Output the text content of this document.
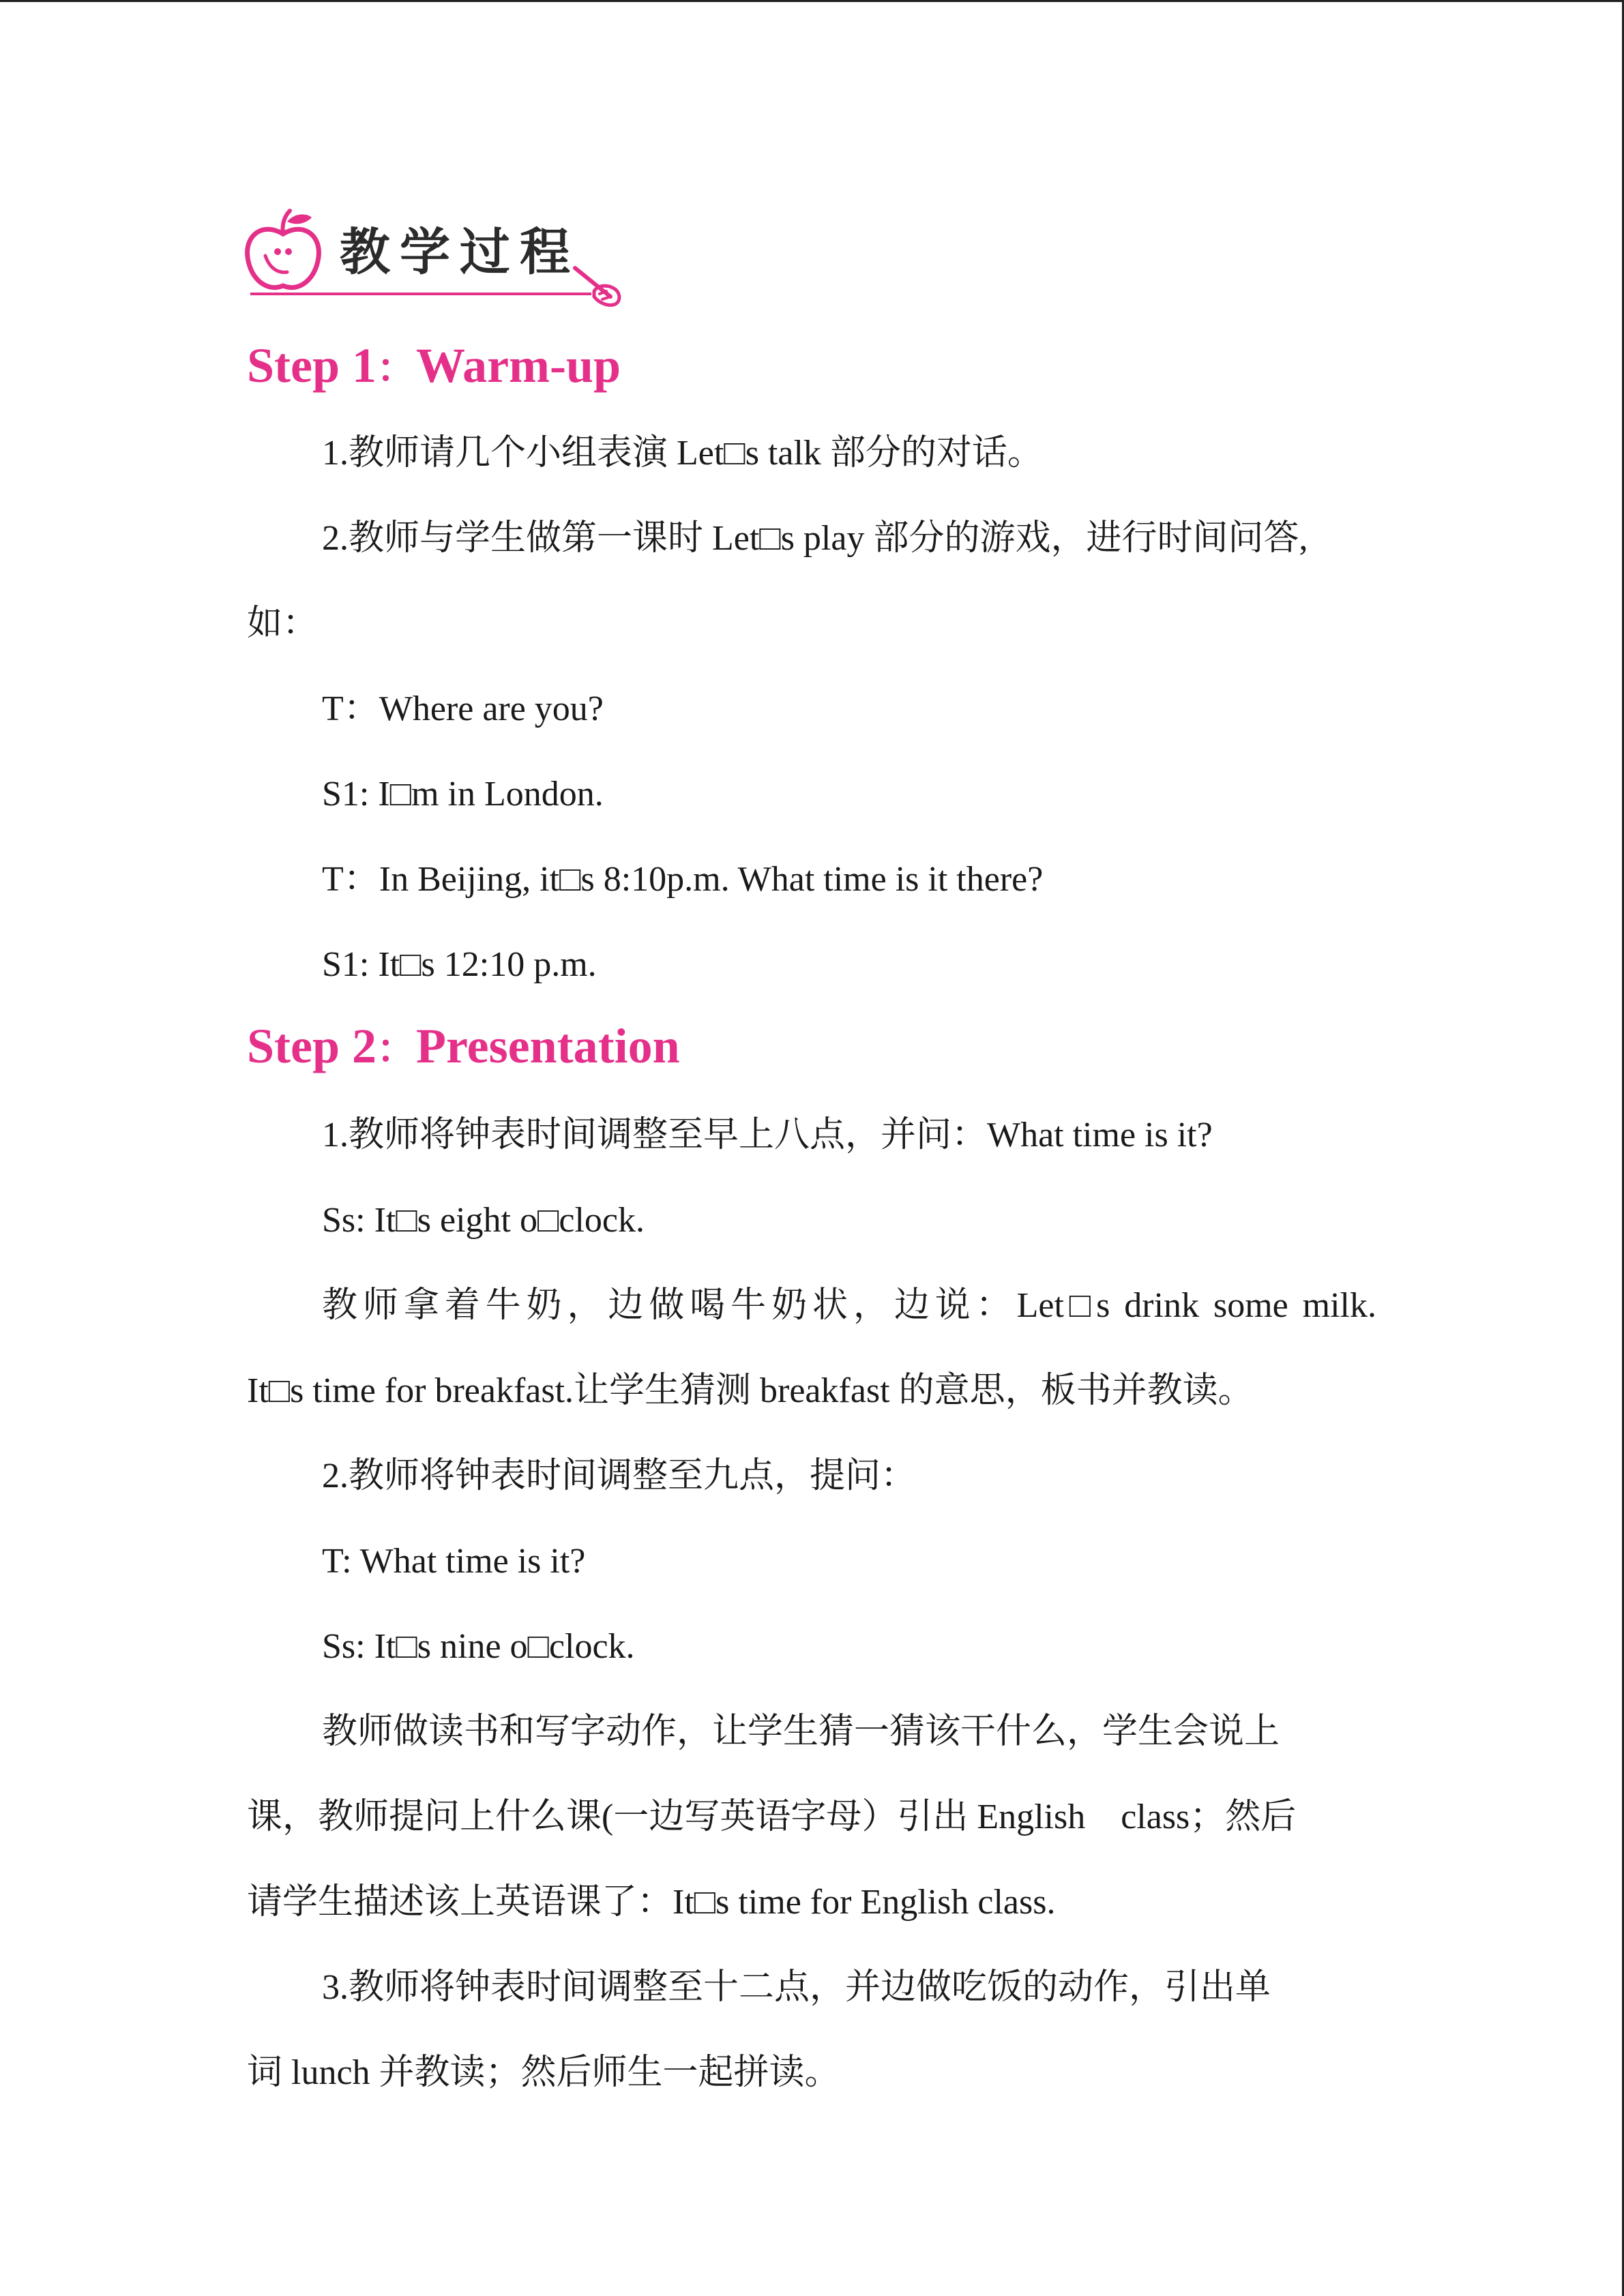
教学过程
Step 1：Warm-up

1.教师请几个小组表演 Let□s talk 部分的对话。

2.教师与学生做第一课时 Let□s play 部分的游戏，进行时间问答,

如：

T：Where are you?

S1: I□m in London.

T：In Beijing, it□s 8:10p.m. What time is it there?

S1: It□s 12:10 p.m.

Step 2：Presentation

1.教师将钟表时间调整至早上八点，并问：What time is it?

Ss: It□s eight o□clock.

教师拿着牛奶，边做喝牛奶状，边说：Let□s drink some milk.

It□s time for breakfast.让学生猜测 breakfast 的意思，板书并教读。

2.教师将钟表时间调整至九点，提问：

T: What time is it?

Ss: It□s nine o□clock.

教师做读书和写字动作，让学生猜一猜该干什么，学生会说上

课，教师提问上什么课(一边写英语字母）引出 English　class；然后

请学生描述该上英语课了：It□s time for English class.

3.教师将钟表时间调整至十二点，并边做吃饭的动作，引出单

词 lunch 并教读；然后师生一起拼读。
